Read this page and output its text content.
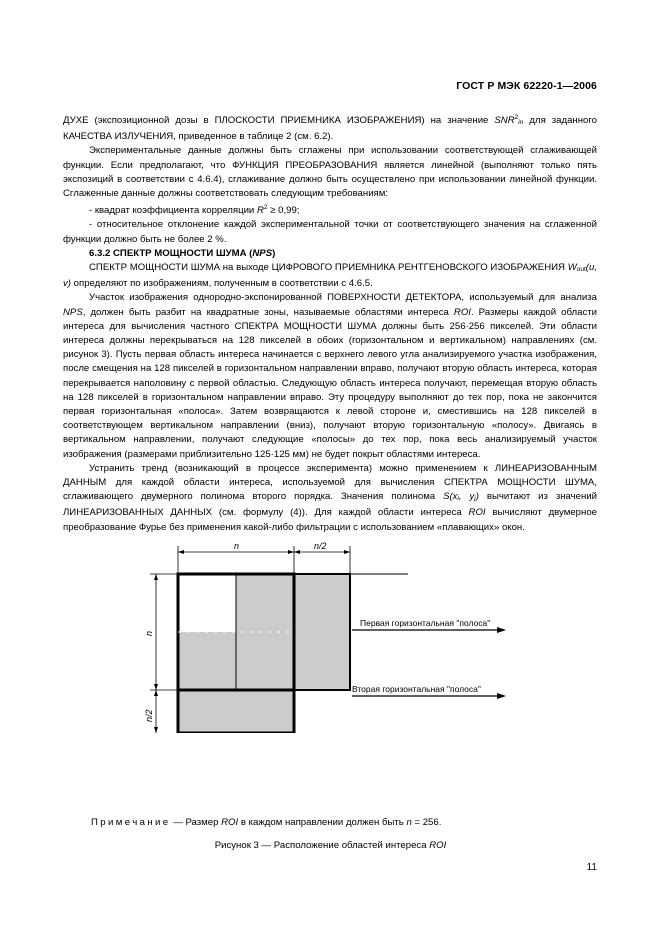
ГОСТ Р МЭК 62220-1—2006

ДУХЕ (экспозиционной дозы в ПЛОСКОСТИ ПРИЕМНИКА ИЗОБРАЖЕНИЯ) на значение SNR$^2$in для заданного КАЧЕСТВА ИЗЛУЧЕНИЯ, приведенное в таблице 2 (см. 6.2).

Экспериментальные данные должны быть сглажены при использовании соответствующей сглаживающей функции. Если предполагают, что ФУНКЦИЯ ПРЕОБРАЗОВАНИЯ является линейной (выполняют только пять экспозиций в соответствии с 4.6.4), сглаживание должно быть осуществлено при использовании линейной функции. Сглаженные данные должны соответствовать следующим требованиям:

- квадрат коэффициента корреляции $R^2 \ge 0,99$;

- относительное отклонение каждой экспериментальной точки от соответствующего значения на сглаженной функции должно быть не более 2 %.

6.3.2 СПЕКТР МОЩНОСТИ ШУМА (NPS)

СПЕКТР МОЩНОСТИ ШУМА на выходе ЦИФРОВОГО ПРИЕМНИКА РЕНТГЕНОВСКОГО ИЗОБРАЖЕНИЯ Wout(u, v) определяют по изображениям, полученным в соответствии с 4.6.5.

Участок изображения однородно-экспонированной ПОВЕРХНОСТИ ДЕТЕКТОРА, используемый для анализа NPS, должен быть разбит на квадратные зоны, называемые областями интереса ROI. Размеры каждой области интереса для вычисления частного СПЕКТРА МОЩНОСТИ ШУМА должны быть 256·256 пикселей. Эти области интереса должны перекрываться на 128 пикселей в обоих (горизонтальном и вертикальном) направлениях (см. рисунок 3). Пусть первая область интереса начинается с верхнего левого угла анализируемого участка изображения, после смещения на 128 пикселей в горизонтальном направлении вправо, получают вторую область интереса, которая перекрывается наполовину с первой областью. Следующую область интереса получают, перемещая вторую область на 128 пикселей в горизонтальном направлении вправо. Эту процедуру выполняют до тех пор, пока не закончится первая горизонтальная «полоса». Затем возвращаются к левой стороне и, сместившись на 128 пикселей в соответствующем вертикальном направлении (вниз), получают вторую горизонтальную «полосу». Двигаясь в вертикальном направлении, получают следующие «полосы» до тех пор, пока весь анализируемый участок изображения (размерами приблизительно 125·125 мм) не будет покрыт областями интереса.

Устранить тренд (возникающий в процессе эксперимента) можно применением к ЛИНЕАРИЗОВАННЫМ ДАННЫМ для каждой области интереса, используемой для вычисления СПЕКТРА МОЩНОСТИ ШУМА, сглаживающего двумерного полинома второго порядка. Значения полинома S(xi, yj) вычитают из значений ЛИНЕАРИЗОВАННЫХ ДАННЫХ (см. формулу (4)). Для каждой области интереса ROI вычисляют двумерное преобразование Фурье без применения какой-либо фильтрации с использованием «плавающих» окон.

n	n/2
n
n/2
Первая горизонтальная "полоса"
Вторая горизонтальная "полоса"
Примечание — Размер ROI в каждом направлении должен быть n = 256.
Рисунок 3 — Расположение областей интереса ROI
11
